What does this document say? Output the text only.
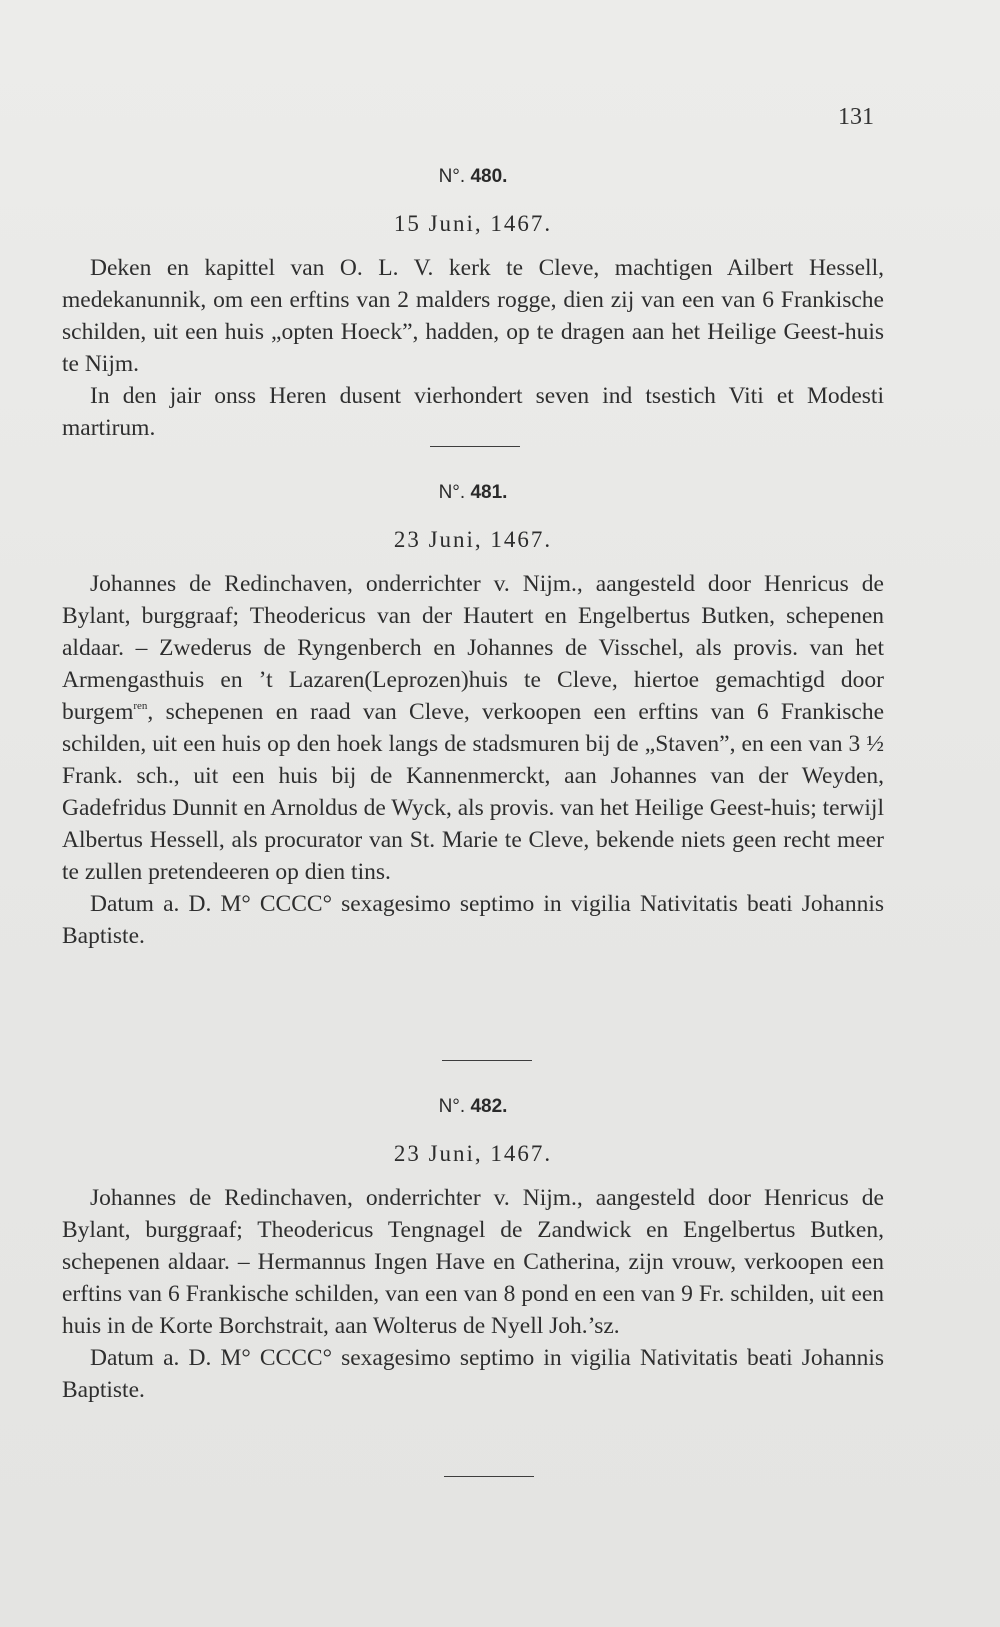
131
N°. 480.
15 Juni, 1467.

Deken en kapittel van O. L. V. kerk te Cleve, machtigen Ailbert Hessell, medekanunnik, om een erftins van 2 malders rogge, dien zij van een van 6 Frankische schilden, uit een huis „opten Hoeck”, hadden, op te dragen aan het Heilige Geest-huis te Nijm.

In den jair onss Heren dusent vierhondert seven ind tsestich Viti et Modesti martirum.

N°. 481.
23 Juni, 1467.

Johannes de Redinchaven, onderrichter v. Nijm., aangesteld door Henricus de Bylant, burggraaf; Theodericus van der Hautert en Engelbertus Butken, schepenen aldaar. – Zwederus de Ryngenberch en Johannes de Visschel, als provis. van het Armengasthuis en ’t Lazaren(Leprozen)huis te Cleve, hiertoe gemachtigd door burgem$^{ren}$, schepenen en raad van Cleve, verkoopen een erftins van 6 Frankische schilden, uit een huis op den hoek langs de stadsmuren bij de „Staven”, en een van 3 ½ Frank. sch., uit een huis bij de Kannenmerckt, aan Johannes van der Weyden, Gadefridus Dunnit en Arnoldus de Wyck, als provis. van het Heilige Geest-huis; terwijl Albertus Hessell, als procurator van St. Marie te Cleve, bekende niets geen recht meer te zullen pretendeeren op dien tins.

Datum a. D. M° CCCC° sexagesimo septimo in vigilia Nativitatis beati Johannis Baptiste.

N°. 482.
23 Juni, 1467.

Johannes de Redinchaven, onderrichter v. Nijm., aangesteld door Henricus de Bylant, burggraaf; Theodericus Tengnagel de Zandwick en Engelbertus Butken, schepenen aldaar. – Hermannus Ingen Have en Catherina, zijn vrouw, verkoopen een erftins van 6 Frankische schilden, van een van 8 pond en een van 9 Fr. schilden, uit een huis in de Korte Borchstrait, aan Wolterus de Nyell Joh.’sz.

Datum a. D. M° CCCC° sexagesimo septimo in vigilia Nativitatis beati Johannis Baptiste.
